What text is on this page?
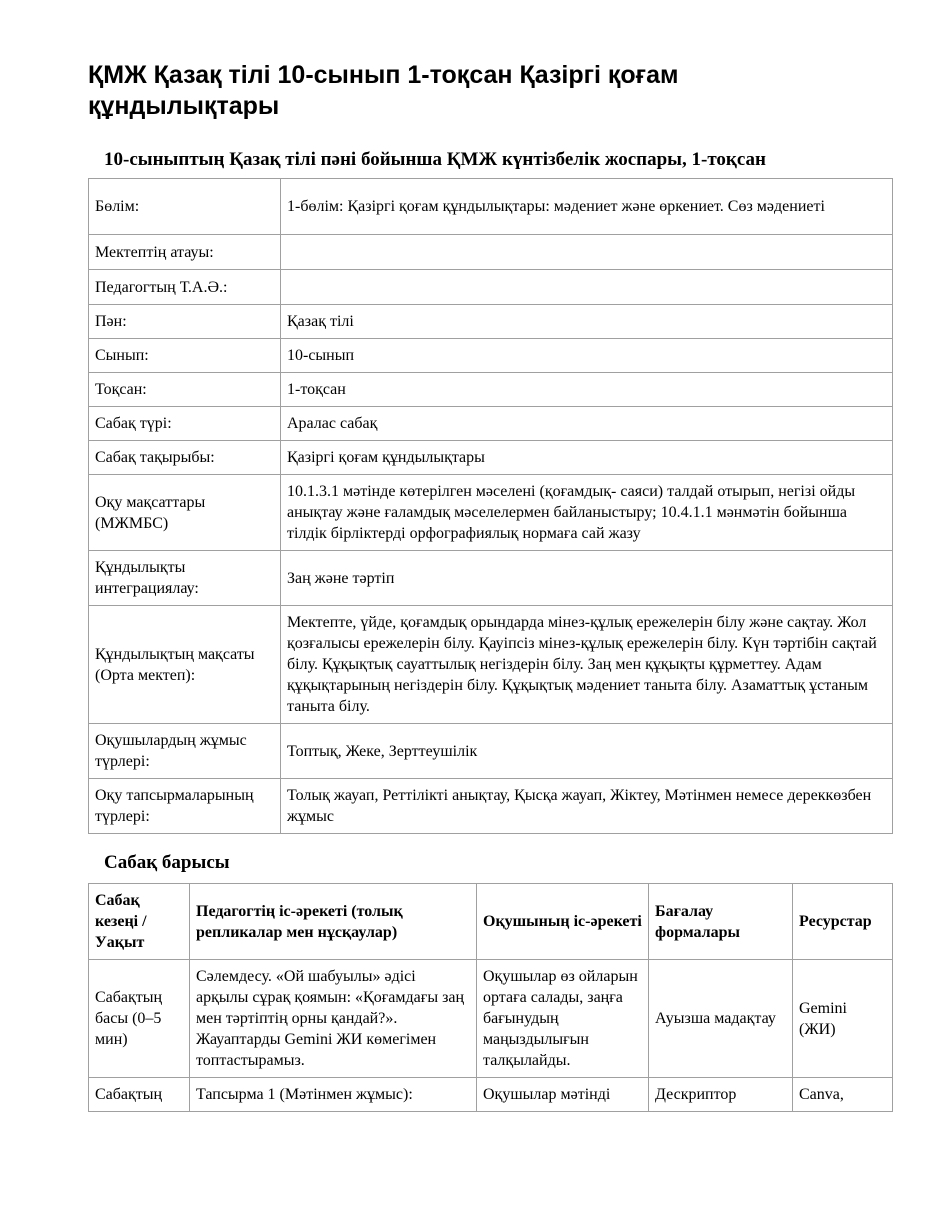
ҚМЖ Қазақ тілі 10-сынып 1-тоқсан Қазіргі қоғам құндылықтары
10-сыныптың Қазақ тілі пәні бойынша ҚМЖ күнтізбелік жоспары, 1-тоқсан
Бөлім:	1-бөлім: Қазіргі қоғам құндылықтары: мәдениет және өркениет. Сөз мәдениеті
Мектептің атауы:	
Педагогтың Т.А.Ә.:	
Пән:	Қазақ тілі
Сынып:	10-сынып
Тоқсан:	1-тоқсан
Сабақ түрі:	Аралас сабақ
Сабақ тақырыбы:	Қазіргі қоғам құндылықтары
Оқу мақсаттары (МЖМБС)	10.1.3.1 мәтінде көтерілген мәселені (қоғамдық- саяси) талдай отырып, негізі ойды анықтау және ғаламдық мәселелермен байланыстыру; 10.4.1.1 мәнмәтін бойынша тілдік бірліктерді орфографиялық нормаға сай жазу
Құндылықты интеграциялау:	Заң және тәртіп
Құндылықтың мақсаты (Орта мектеп):	Мектепте, үйде, қоғамдық орындарда мінез-құлық ережелерін білу және сақтау. Жол қозғалысы ережелерін білу. Қауіпсіз мінез-құлық ережелерін білу. Күн тәртібін сақтай білу. Құқықтық сауаттылық негіздерін білу. Заң мен құқықты құрметтеу. Адам құқықтарының негіздерін білу. Құқықтық мәдениет таныта білу. Азаматтық ұстаным таныта білу.
Оқушылардың жұмыс түрлері:	Топтық, Жеке, Зерттеушілік
Оқу тапсырмаларының түрлері:	Толық жауап, Реттілікті анықтау, Қысқа жауап, Жіктеу, Мәтінмен немесе дереккөзбен жұмыс
Сабақ барысы
Сабақ кезеңі / Уақыт	Педагогтің іс-әрекеті (толық репликалар мен нұсқаулар)	Оқушының іс-әрекеті	Бағалау формалары	Ресурстар
Сабақтың басы (0–5 мин)	Сәлемдесу. «Ой шабуылы» әдісі арқылы сұрақ қоямын: «Қоғамдағы заң мен тәртіптің орны қандай?». Жауаптарды Gemini ЖИ көмегімен топтастырамыз.	Оқушылар өз ойларын ортаға салады, заңға бағынудың маңыздылығын талқылайды.	Ауызша мадақтау	Gemini (ЖИ)
Сабақтың	Тапсырма 1 (Мәтінмен жұмыс):	Оқушылар мәтінді	Дескриптор	Canva,
